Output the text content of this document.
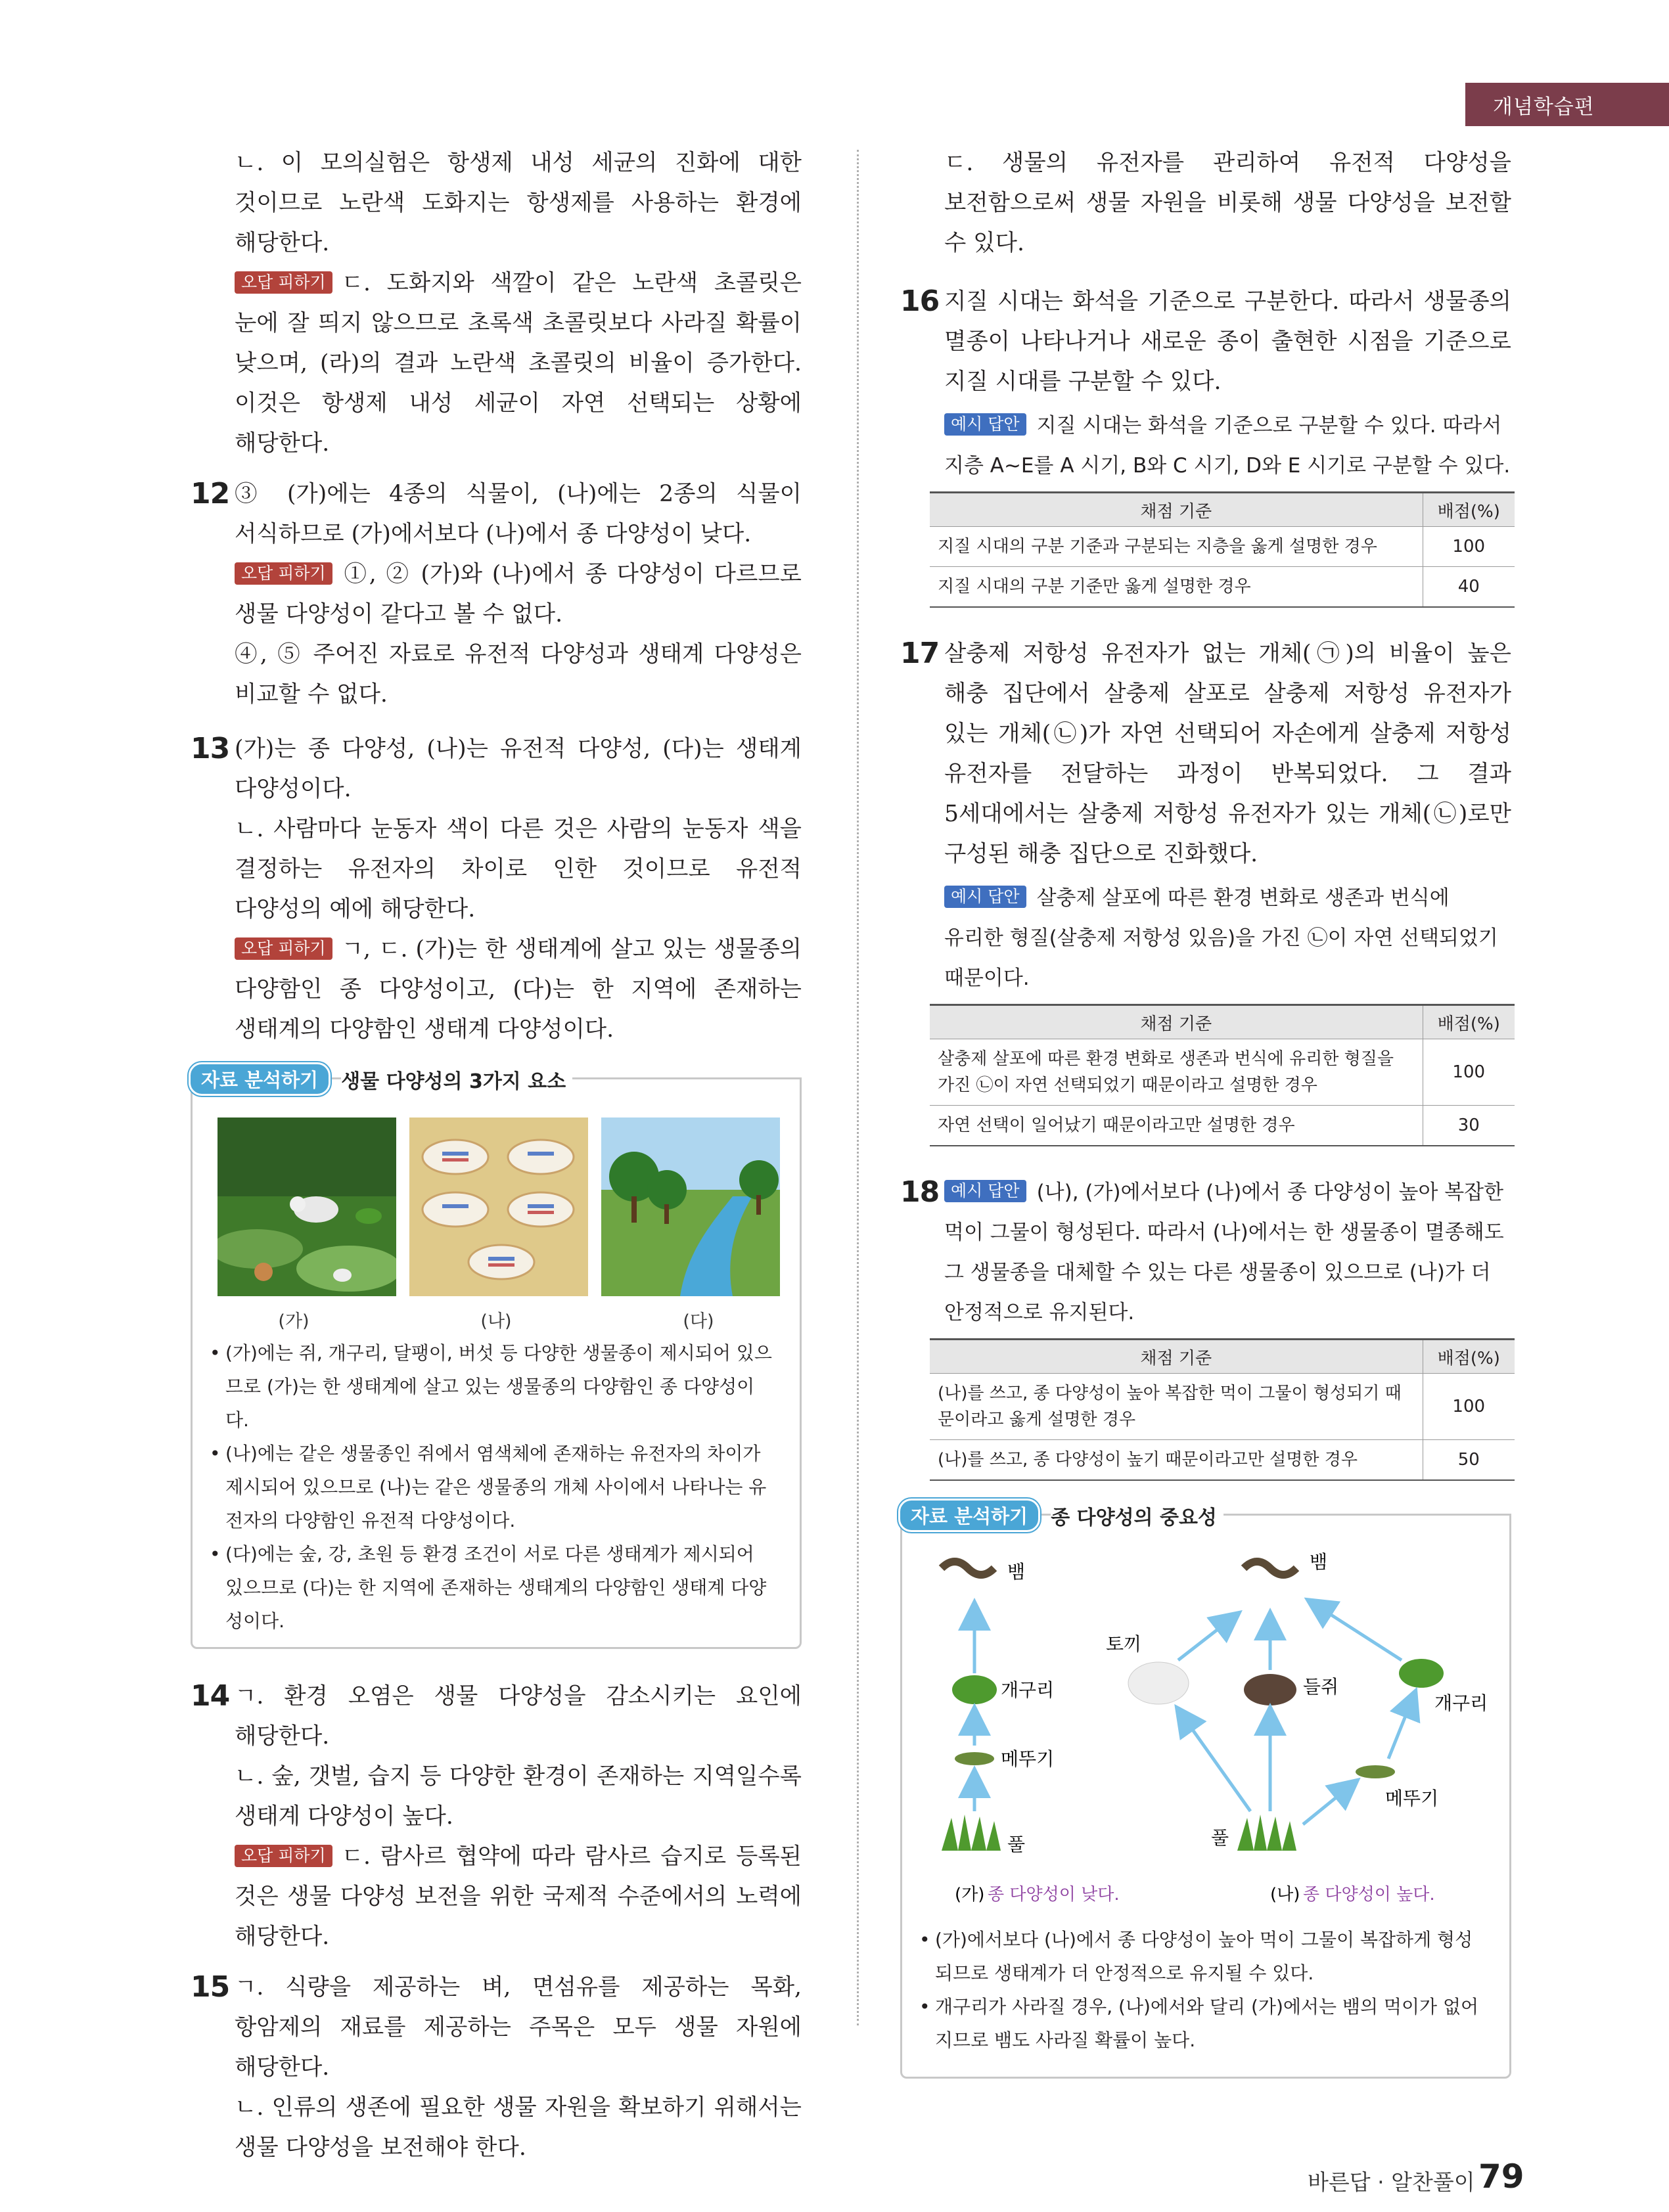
개념학습편

ㄴ. 이 모의실험은 항생제 내성 세균의 진화에 대한 것이므로 노란색 도화지는 항생제를 사용하는 환경에 해당한다.

오답 피하기 ㄷ. 도화지와 색깔이 같은 노란색 초콜릿은 눈에 잘 띄지 않으므로 초록색 초콜릿보다 사라질 확률이 낮으며, (라)의 결과 노란색 초콜릿의 비율이 증가한다. 이것은 항생제 내성 세균이 자연 선택되는 상황에 해당한다.

12 ③ (가)에는 4종의 식물이, (나)에는 2종의 식물이 서식하므로 (가)에서보다 (나)에서 종 다양성이 낮다.

오답 피하기 ①, ② (가)와 (나)에서 종 다양성이 다르므로 생물 다양성이 같다고 볼 수 없다.

④, ⑤ 주어진 자료로 유전적 다양성과 생태계 다양성은 비교할 수 없다.

13 (가)는 종 다양성, (나)는 유전적 다양성, (다)는 생태계 다양성이다.

ㄴ. 사람마다 눈동자 색이 다른 것은 사람의 눈동자 색을 결정하는 유전자의 차이로 인한 것이므로 유전적 다양성의 예에 해당한다.

오답 피하기 ㄱ, ㄷ. (가)는 한 생태계에 살고 있는 생물종의 다양함인 종 다양성이고, (다)는 한 지역에 존재하는 생태계의 다양함인 생태계 다양성이다.

자료 분석하기	생물 다양성의 3가지 요소
(가)	(나)	(다)
• (가)에는 쥐, 개구리, 달팽이, 버섯 등 다양한 생물종이 제시되어 있으므로 (가)는 한 생태계에 살고 있는 생물종의 다양함인 종 다양성이다.
• (나)에는 같은 생물종인 쥐에서 염색체에 존재하는 유전자의 차이가 제시되어 있으므로 (나)는 같은 생물종의 개체 사이에서 나타나는 유전자의 다양함인 유전적 다양성이다.
• (다)에는 숲, 강, 초원 등 환경 조건이 서로 다른 생태계가 제시되어 있으므로 (다)는 한 지역에 존재하는 생태계의 다양함인 생태계 다양성이다.
14 ㄱ. 환경 오염은 생물 다양성을 감소시키는 요인에 해당한다.

ㄴ. 숲, 갯벌, 습지 등 다양한 환경이 존재하는 지역일수록 생태계 다양성이 높다.

오답 피하기 ㄷ. 람사르 협약에 따라 람사르 습지로 등록된 것은 생물 다양성 보전을 위한 국제적 수준에서의 노력에 해당한다.

15 ㄱ. 식량을 제공하는 벼, 면섬유를 제공하는 목화, 항암제의 재료를 제공하는 주목은 모두 생물 자원에 해당한다.

ㄴ. 인류의 생존에 필요한 생물 자원을 확보하기 위해서는 생물 다양성을 보전해야 한다.

ㄷ. 생물의 유전자를 관리하여 유전적 다양성을 보전함으로써 생물 자원을 비롯해 생물 다양성을 보전할 수 있다.

16 지질 시대는 화석을 기준으로 구분한다. 따라서 생물종의 멸종이 나타나거나 새로운 종이 출현한 시점을 기준으로 지질 시대를 구분할 수 있다.

예시 답안 지질 시대는 화석을 기준으로 구분할 수 있다. 따라서 지층 A~E를 A 시기, B와 C 시기, D와 E 시기로 구분할 수 있다.

채점 기준	배점(%)
지질 시대의 구분 기준과 구분되는 지층을 옳게 설명한 경우	100
지질 시대의 구분 기준만 옳게 설명한 경우	40
17 살충제 저항성 유전자가 없는 개체(㉠)의 비율이 높은 해충 집단에서 살충제 살포로 살충제 저항성 유전자가 있는 개체(㉡)가 자연 선택되어 자손에게 살충제 저항성 유전자를 전달하는 과정이 반복되었다. 그 결과 5세대에서는 살충제 저항성 유전자가 있는 개체(㉡)로만 구성된 해충 집단으로 진화했다.

예시 답안 살충제 살포에 따른 환경 변화로 생존과 번식에 유리한 형질(살충제 저항성 있음)을 가진 ㉡이 자연 선택되었기 때문이다.

채점 기준	배점(%)
살충제 살포에 따른 환경 변화로 생존과 번식에 유리한 형질을 가진 ㉡이 자연 선택되었기 때문이라고 설명한 경우	100
자연 선택이 일어났기 때문이라고만 설명한 경우	30
18 예시 답안 (나), (가)에서보다 (나)에서 종 다양성이 높아 복잡한 먹이 그물이 형성된다. 따라서 (나)에서는 한 생물종이 멸종해도 그 생물종을 대체할 수 있는 다른 생물종이 있으므로 (나)가 더 안정적으로 유지된다.

채점 기준	배점(%)
(나)를 쓰고, 종 다양성이 높아 복잡한 먹이 그물이 형성되기 때문이라고 옳게 설명한 경우	100
(나)를 쓰고, 종 다양성이 높기 때문이라고만 설명한 경우	50
자료 분석하기	종 다양성의 중요성
뱀
개구리
메뚜기
풀
뱀
토끼
들쥐
개구리
메뚜기
풀
(가) 종 다양성이 낮다.	(나) 종 다양성이 높다.
• (가)에서보다 (나)에서 종 다양성이 높아 먹이 그물이 복잡하게 형성되므로 생태계가 더 안정적으로 유지될 수 있다.
• 개구리가 사라질 경우, (나)에서와 달리 (가)에서는 뱀의 먹이가 없어지므로 뱀도 사라질 확률이 높다.
바른답 · 알찬풀이 79
